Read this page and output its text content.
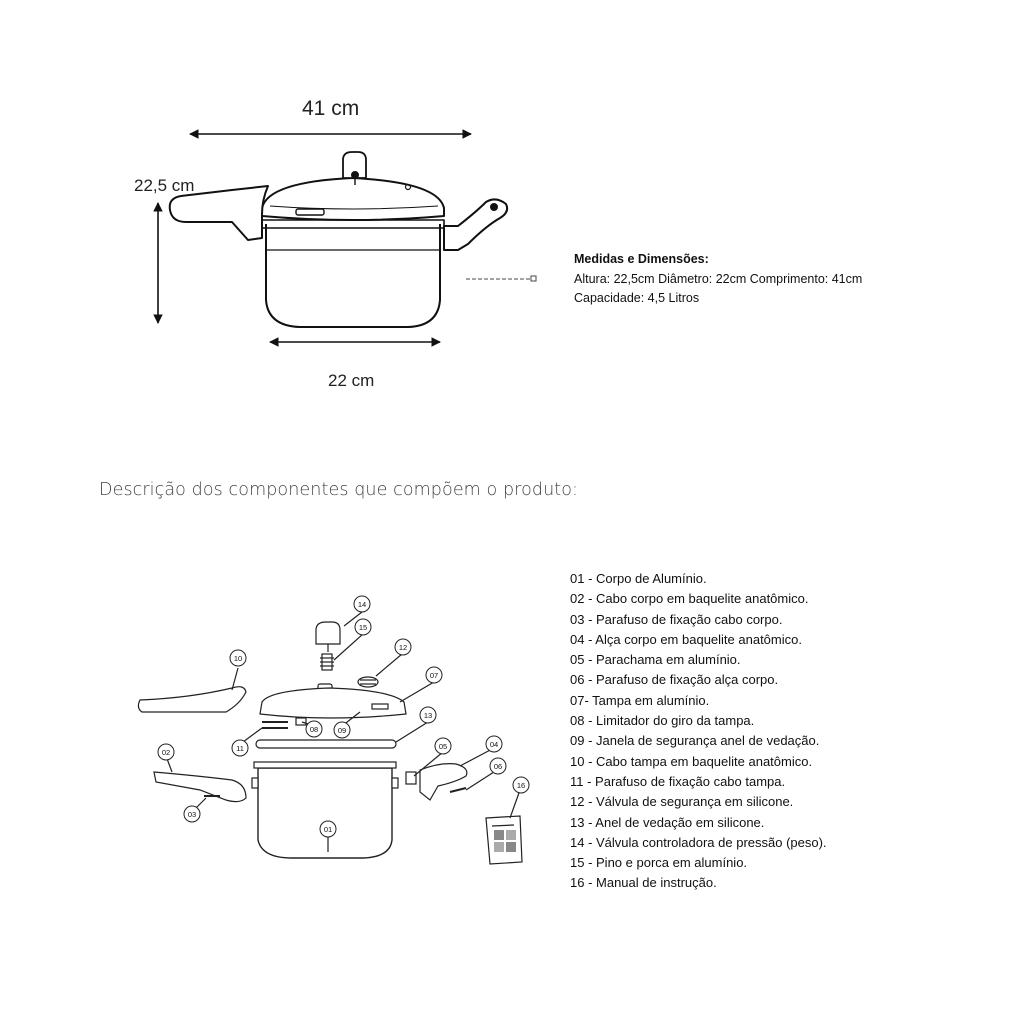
41 cm
22,5 cm
22 cm
Medidas e Dimensões:
Altura: 22,5cm Diâmetro: 22cm Comprimento: 41cm
Capacidade: 4,5 Litros
Descrição dos componentes que compõem o produto:
14
15
12
10
07
08	09
13
11
02
03
05	04
06
16
01
01 - Corpo de Alumínio.
02 - Cabo corpo em baquelite anatômico.
03 - Parafuso de fixação cabo corpo.
04 - Alça corpo em baquelite anatômico.
05 - Parachama em alumínio.
06 - Parafuso de fixação alça corpo.
07- Tampa em alumínio.
08 - Limitador do giro da tampa.
09 - Janela de segurança anel de vedação.
10 - Cabo tampa em baquelite anatômico.
11 - Parafuso de fixação cabo tampa.
12 - Válvula de segurança em silicone.
13 - Anel de vedação em silicone.
14 - Válvula controladora de pressão (peso).
15 - Pino e porca em alumínio.
16 - Manual de instrução.
